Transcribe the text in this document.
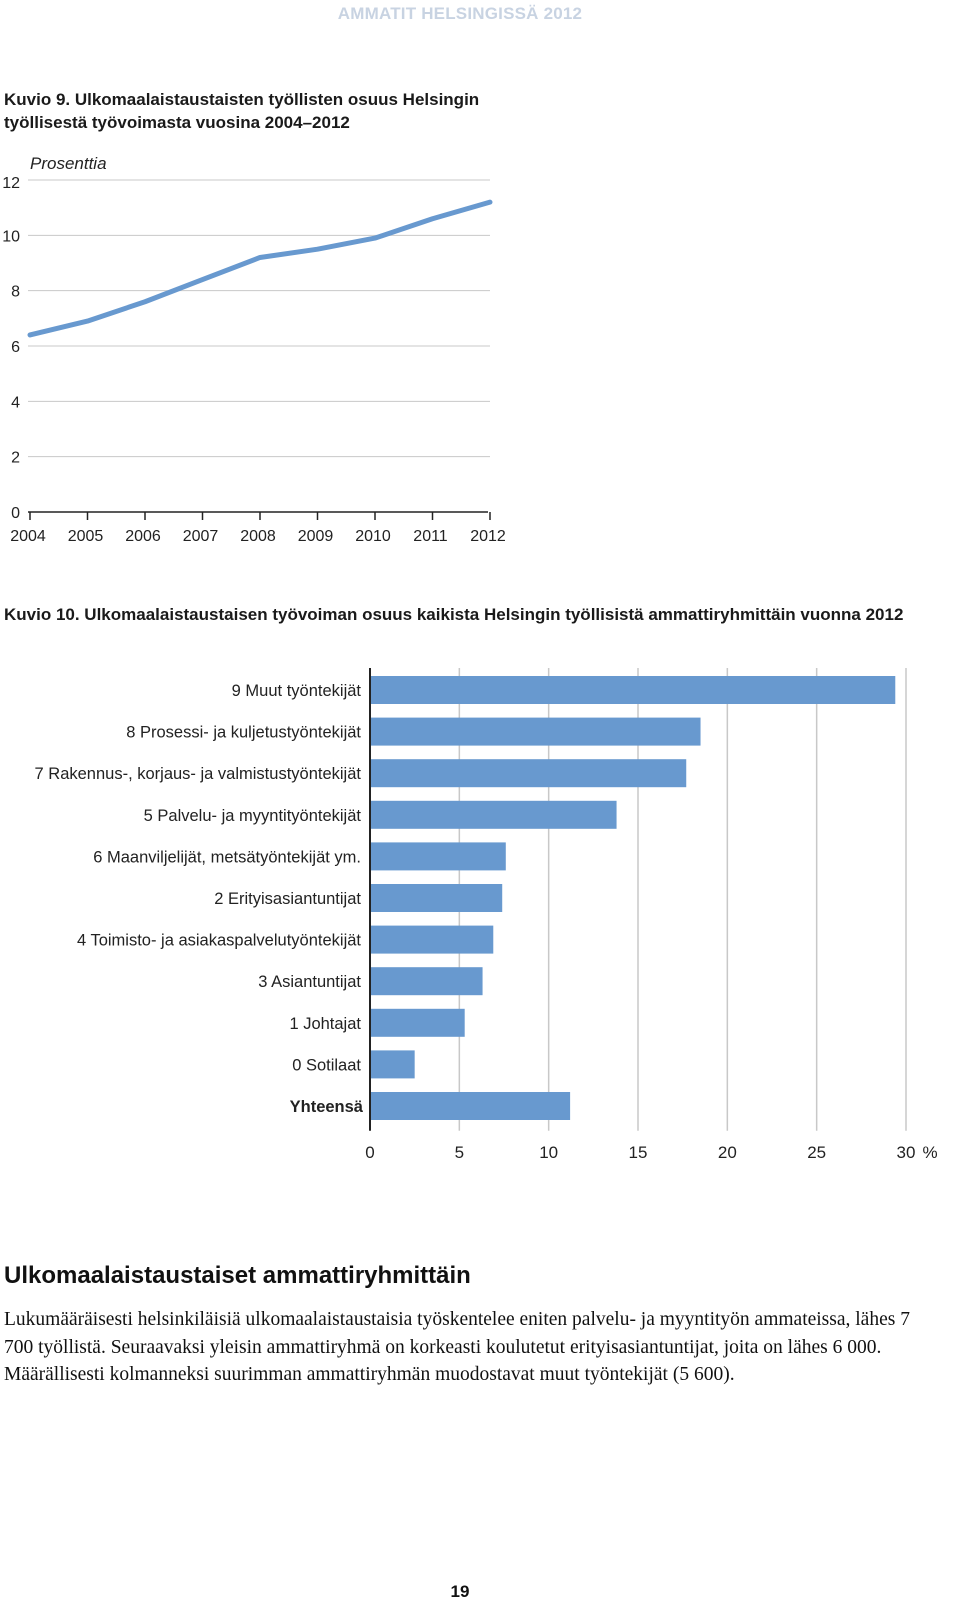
AMMATIT HELSINGISSÄ 2012
Kuvio 9. Ulkomaalaistaustaisten työllisten osuus Helsingin työllisestä työvoimasta vuosina 2004–2012
Prosenttia
0
2
4
6
8
10
12
2004 2005 2006 2007 2008 2009 2010 2011 2012
Kuvio 10. Ulkomaalaistaustaisen työvoiman osuus kaikista Helsingin työllisistä ammattiryhmittäin vuonna 2012
9 Muut työntekijät
8 Prosessi- ja kuljetustyöntekijät
7 Rakennus-, korjaus- ja valmistustyöntekijät
5 Palvelu- ja myyntityöntekijät
6 Maanviljelijät, metsätyöntekijät ym.
2 Erityisasiantuntijat
4 Toimisto- ja asiakaspalvelutyöntekijät
3 Asiantuntijat
1 Johtajat
0 Sotilaat
Yhteensä
0	5	10	15	20	25	30 %
Ulkomaalaistaustaiset ammattiryhmittäin
Lukumääräisesti helsinkiläisiä ulkomaalaistaustaisia työskentelee eniten palvelu- ja myyntityön ammateissa, lähes 7 700 työllistä. Seuraavaksi yleisin ammattiryhmä on korkeasti koulutetut erityisasiantuntijat, joita on lähes 6 000. Määrällisesti kolmanneksi suurimman ammattiryhmän muodostavat muut työntekijät (5 600).
19
